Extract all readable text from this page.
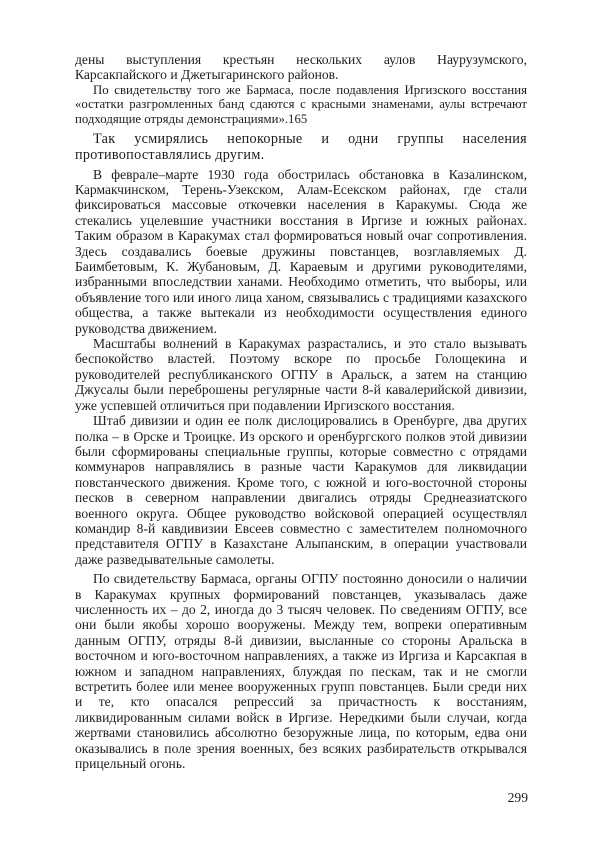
дены выступления крестьян нескольких аулов Наурузумского, Карсакпайского и Джетыгаринского районов.

По свидетельству того же Бармаса, после подавления Иргизского восстания «остатки разгромленных банд сдаются с красными знаменами, аулы встречают подходящие отряды демонстрациями».165

Так усмирялись непокорные и одни группы населения противопоставлялись другим.

В феврале–марте 1930 года обострилась обстановка в Казалинском, Кармакчинском, Терень-Узекском, Алам-Есекском районах, где стали фиксироваться массовые откочевки населения в Каракумы. Сюда же стекались уцелевшие участники восстания в Иргизе и южных районах. Таким образом в Каракумах стал формироваться новый очаг сопротивления. Здесь создавались боевые дружины повстанцев, возглавляемых Д. Баимбетовым, К. Жубановым, Д. Караевым и другими руководителями, избранными впоследствии ханами. Необходимо отметить, что выборы, или объявление того или иного лица ханом, связывались с традициями казахского общества, а также вытекали из необходимости осуществления единого руководства движением.

Масштабы волнений в Каракумах разрастались, и это стало вызывать беспокойство властей. Поэтому вскоре по просьбе Голощекина и руководителей республиканского ОГПУ в Аральск, а затем на станцию Джусалы были переброшены регулярные части 8-й кавалерийской дивизии, уже успевшей отличиться при подавлении Иргизского восстания.

Штаб дивизии и один ее полк дислоцировались в Оренбурге, два других полка – в Орске и Троицке. Из орского и оренбургского полков этой дивизии были сформированы специальные группы, которые совместно с отрядами коммунаров направлялись в разные части Каракумов для ликвидации повстанческого движения. Кроме того, с южной и юго-восточной стороны песков в северном направлении двигались отряды Среднеазиатского военного округа. Общее руководство войсковой операцией осуществлял командир 8-й кавдивизии Евсеев совместно с заместителем полномочного представителя ОГПУ в Казахстане Алыпанским, в операции участвовали даже разведывательные самолеты.

По свидетельству Бармаса, органы ОГПУ постоянно доносили о наличии в Каракумах крупных формирований повстанцев, указывалась даже численность их – до 2, иногда до 3 тысяч человек. По сведениям ОГПУ, все они были якобы хорошо вооружены. Между тем, вопреки оперативным данным ОГПУ, отряды 8-й дивизии, высланные со стороны Аральска в восточном и юго-восточном направлениях, а также из Иргиза и Карсакпая в южном и западном направлениях, блуждая по пескам, так и не смогли встретить более или менее вооруженных групп повстанцев. Были среди них и те, кто опасался репрессий за причастность к восстаниям, ликвидированным силами войск в Иргизе. Нередкими были случаи, когда жертвами становились абсолютно безоружные лица, по которым, едва они оказывались в поле зрения военных, без всяких разбирательств открывался прицельный огонь.

299
